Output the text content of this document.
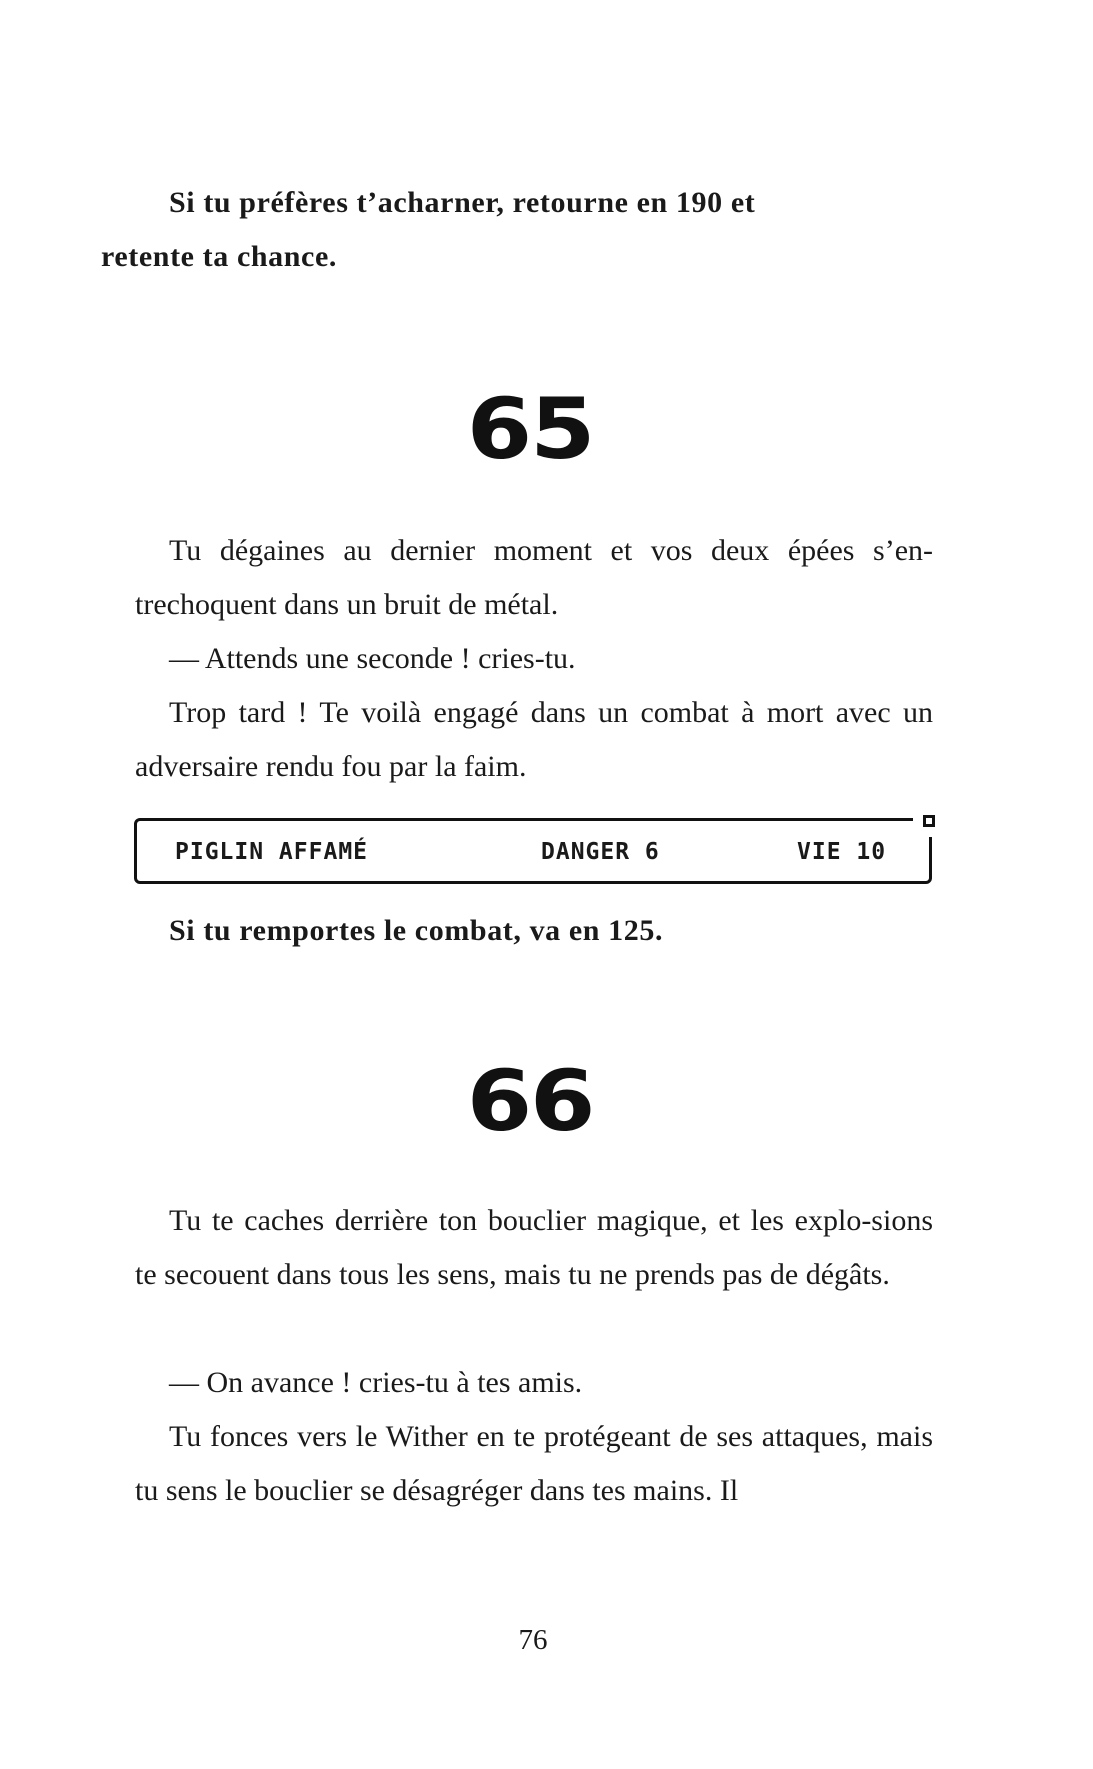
Si tu préfères t’acharner, retourne en 190 et
retente ta chance.

65

Tu dégaines au dernier moment et vos deux épées s’en-trechoquent dans un bruit de métal.

— Attends une seconde ! cries-tu.

Trop tard ! Te voilà engagé dans un combat à mort avec un adversaire rendu fou par la faim.

PIGLIN AFFAMÉ	DANGER 6	VIE 10

Si tu remportes le combat, va en 125.

66

Tu te caches derrière ton bouclier magique, et les explo-sions te secouent dans tous les sens, mais tu ne prends pas de dégâts.

— On avance ! cries-tu à tes amis.

Tu fonces vers le Wither en te protégeant de ses attaques, mais tu sens le bouclier se désagréger dans tes mains. Il

76
